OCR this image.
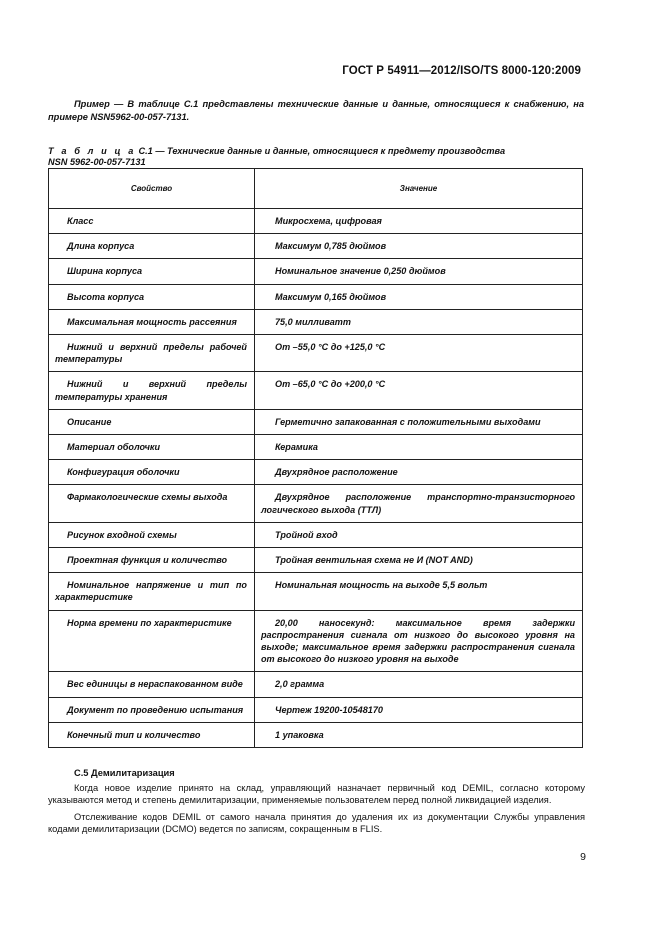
ГОСТ Р 54911—2012/ISO/TS 8000-120:2009
Пример — В таблице С.1 представлены технические данные и данные, относящиеся к снабжению, на примере NSN5962-00-057-7131.
Т а б л и ц а С.1 — Технические данные и данные, относящиеся к предмету производства
NSN 5962-00-057-7131
Свойство	Значение

Класс	Микросхема, цифровая

Длина корпуса	Максимум 0,785 дюймов

Ширина корпуса	Номинальное значение 0,250 дюймов

Высота корпуса	Максимум 0,165 дюймов

Максимальная мощность рассеяния	75,0 милливатт

Нижний и верхний пределы рабочей температуры	От –55,0 °С до +125,0 °С

Нижний и верхний пределы температуры хранения	От –65,0 °С до +200,0 °С

Описание	Герметично запакованная с положительными выходами

Материал оболочки	Керамика

Конфигурация оболочки	Двухрядное расположение

Фармакологические схемы выхода	Двухрядное расположение транспортно-транзисторного логического выхода (ТТЛ)

Рисунок входной схемы	Тройной вход

Проектная функция и количество	Тройная вентильная схема не И (NOT AND)

Номинальное напряжение и тип по характеристике	Номинальная мощность на выходе 5,5 вольт

Норма времени по характеристике	20,00 наносекунд: максимальное время задержки распространения сигнала от низкого до высокого уровня на выходе; максимальное время задержки распространения сигнала от высокого до низкого уровня на выходе

Вес единицы в нераспакованном виде	2,0 грамма

Документ по проведению испытания	Чертеж 19200-10548170

Конечный тип и количество	1 упаковка
С.5 Демилитаризация

Когда новое изделие принято на склад, управляющий назначает первичный код DEMIL, согласно которому указываются метод и степень демилитаризации, применяемые пользователем перед полной ликвидацией изделия.

Отслеживание кодов DEMIL от самого начала принятия до удаления их из документации Службы управления кодами демилитаризации (DCMO) ведется по записям, сокращенным в FLIS.

9
